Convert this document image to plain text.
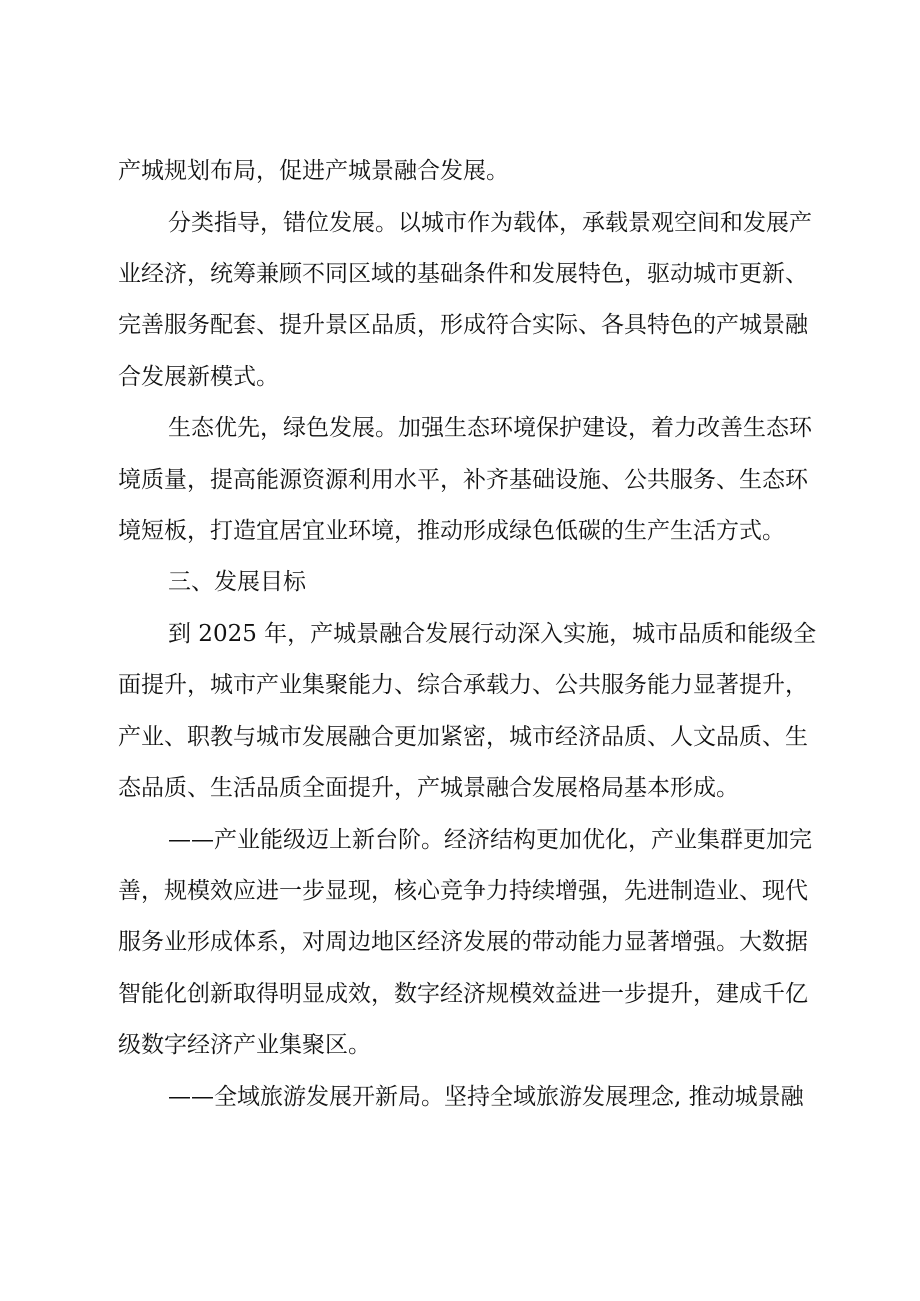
产城规划布局，促进产城景融合发展。
分类指导，错位发展。以城市作为载体，承载景观空间和发展产
业经济，统筹兼顾不同区域的基础条件和发展特色，驱动城市更新、
完善服务配套、提升景区品质，形成符合实际、各具特色的产城景融
合发展新模式。
生态优先，绿色发展。加强生态环境保护建设，着力改善生态环
境质量，提高能源资源利用水平，补齐基础设施、公共服务、生态环
境短板，打造宜居宜业环境，推动形成绿色低碳的生产生活方式。
三、发展目标
到 2025 年，产城景融合发展行动深入实施，城市品质和能级全
面提升，城市产业集聚能力、综合承载力、公共服务能力显著提升，
产业、职教与城市发展融合更加紧密，城市经济品质、人文品质、生
态品质、生活品质全面提升，产城景融合发展格局基本形成。
——产业能级迈上新台阶。经济结构更加优化，产业集群更加完
善，规模效应进一步显现，核心竞争力持续增强，先进制造业、现代
服务业形成体系，对周边地区经济发展的带动能力显著增强。大数据
智能化创新取得明显成效，数字经济规模效益进一步提升，建成千亿
级数字经济产业集聚区。
——全域旅游发展开新局。坚持全域旅游发展理念, 推动城景融
